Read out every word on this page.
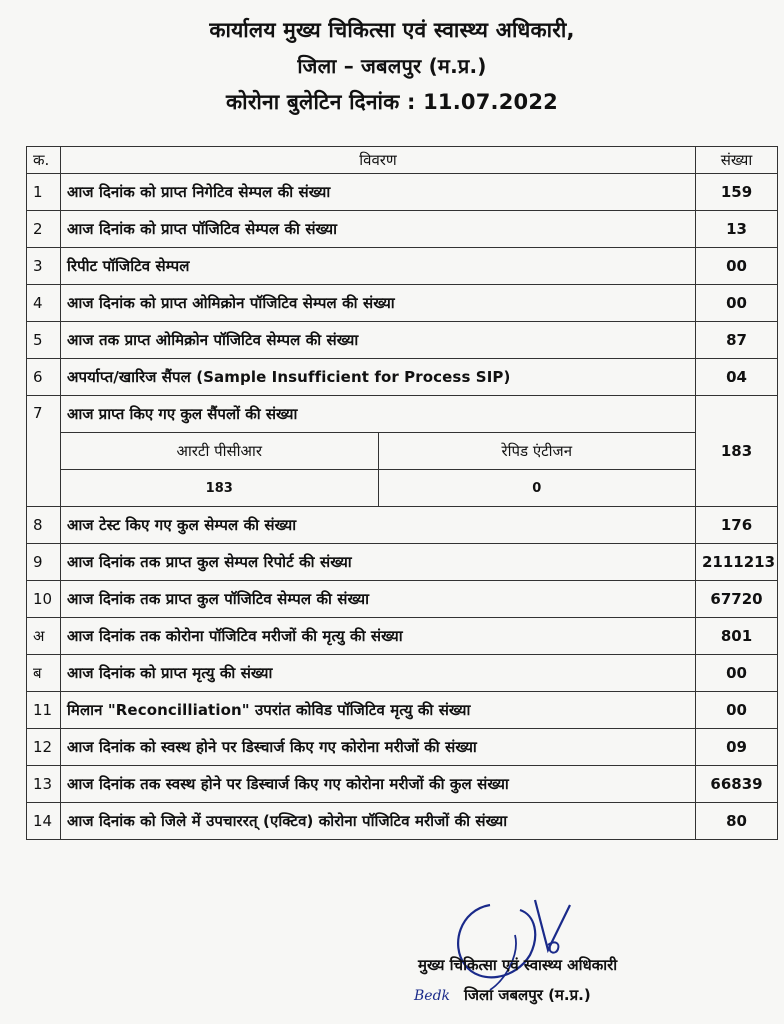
कार्यालय मुख्य चिकित्सा एवं स्वास्थ्य अधिकारी,
जिला – जबलपुर (म.प्र.)
कोरोना बुलेटिन दिनांक : 11.07.2022
क.	विवरण	संख्या
1	आज दिनांक को प्राप्त निगेटिव सेम्पल की संख्या	159
2	आज दिनांक को प्राप्त पॉजिटिव सेम्पल की संख्या	13
3	रिपीट पॉजिटिव सेम्पल	00
4	आज दिनांक को प्राप्त ओमिक्रोन पॉजिटिव सेम्पल की संख्या	00
5	आज तक प्राप्त ओमिक्रोन पॉजिटिव सेम्पल की संख्या	87
6	अपर्याप्त/खारिज सैंपल (Sample Insufficient for Process SIP)	04
7	आज प्राप्त किए गए कुल सैंपलों की संख्या
आरटी पीसीआर	रेपिड एंटीजन
183	0
	183
8	आज टेस्ट किए गए कुल सेम्पल की संख्या	176
9	आज दिनांक तक प्राप्त कुल सेम्पल रिपोर्ट की संख्या	2111213
10	आज दिनांक तक प्राप्त कुल पॉजिटिव सेम्पल की संख्या	67720
अ	आज दिनांक तक कोरोना पॉजिटिव मरीजों की मृत्यु की संख्या	801
ब	आज दिनांक को प्राप्त मृत्यु की संख्या	00
11	मिलान "Reconcilliation" उपरांत कोविड पॉजिटिव मृत्यु की संख्या	00
12	आज दिनांक को स्वस्थ होने पर डिस्चार्ज किए गए कोरोना मरीजों की संख्या	09
13	आज दिनांक तक स्वस्थ होने पर डिस्चार्ज किए गए कोरोना मरीजों की कुल संख्या	66839
14	आज दिनांक को जिले में उपचाररत् (एक्टिव) कोरोना पॉजिटिव मरीजों की संख्या	80
मुख्य चिकित्सा एवं स्वास्थ्य अधिकारी
Bedk जिला जबलपुर (म.प्र.)
